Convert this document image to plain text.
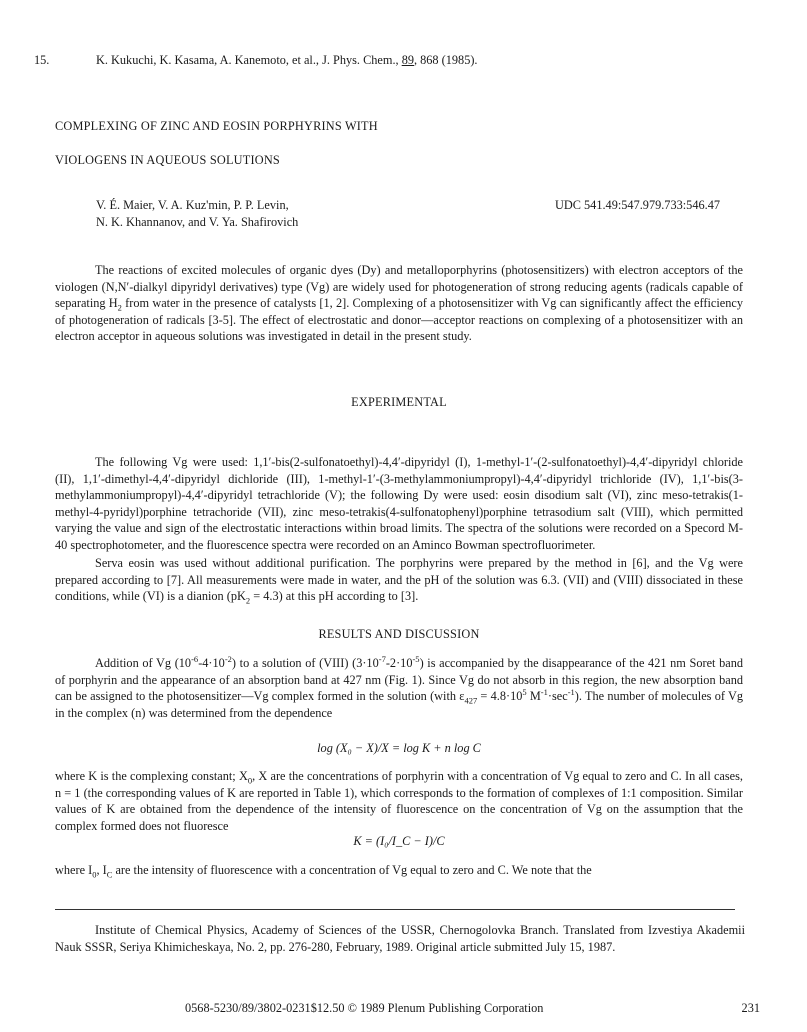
15.	K. Kukuchi, K. Kasama, A. Kanemoto, et al., J. Phys. Chem., 89, 868 (1985).
COMPLEXING OF ZINC AND EOSIN PORPHYRINS WITH
VIOLOGENS IN AQUEOUS SOLUTIONS
V. É. Maier, V. A. Kuz'min, P. P. Levin,
N. K. Khannanov, and V. Ya. Shafirovich
UDC 541.49:547.979.733:546.47
The reactions of excited molecules of organic dyes (Dy) and metalloporphyrins (photosensitizers) with electron acceptors of the viologen (N,N′-dialkyl dipyridyl derivatives) type (Vg) are widely used for photogeneration of strong reducing agents (radicals capable of separating $H_2$ from water in the presence of catalysts [1, 2]. Complexing of a photosensitizer with Vg can significantly affect the efficiency of photogeneration of radicals [3-5]. The effect of electrostatic and donor—acceptor reactions on complexing of a photosensitizer with an electron acceptor in aqueous solutions was investigated in detail in the present study.
EXPERIMENTAL
The following Vg were used: 1,1′-bis(2-sulfonatoethyl)-4,4′-dipyridyl (I), 1-methyl-1′-(2-sulfonatoethyl)-4,4′-dipyridyl chloride (II), 1,1′-dimethyl-4,4′-dipyridyl dichloride (III), 1-methyl-1′-(3-methylammoniumpropyl)-4,4′-dipyridyl trichloride (IV), 1,1′-bis(3-methylammoniumpropyl)-4,4′-dipyridyl tetrachloride (V); the following Dy were used: eosin disodium salt (VI), zinc meso-tetrakis(1-methyl-4-pyridyl)porphine tetrachoride (VII), zinc meso-tetrakis(4-sulfonatophenyl)porphine tetrasodium salt (VIII), which permitted varying the value and sign of the electrostatic interactions within broad limits. The spectra of the solutions were recorded on a Specord M-40 spectrophotometer, and the fluorescence spectra were recorded on an Aminco Bowman spectrofluorimeter.
Serva eosin was used without additional purification. The porphyrins were prepared by the method in [6], and the Vg were prepared according to [7]. All measurements were made in water, and the pH of the solution was 6.3. (VII) and (VIII) dissociated in these conditions, while (VI) is a dianion $(pK_2 = 4.3)$ at this pH according to [3].
RESULTS AND DISCUSSION
Addition of Vg $(10^{-6}-4\cdot 10^{-2})$ to a solution of (VIII) $(3\cdot 10^{-7}-2\cdot 10^{-5})$ is accompanied by the disappearance of the 421 nm Soret band of porphyrin and the appearance of an absorption band at 427 nm (Fig. 1). Since Vg do not absorb in this region, the new absorption band can be assigned to the photosensitizer—Vg complex formed in the solution (with $\varepsilon_{427} = 4.8\cdot 10^5$ $M^{-1}\cdot\sec^{-1}$). The number of molecules of Vg in the complex (n) was determined from the dependence
log (X₀ − X)/X = log K + n log C
where K is the complexing constant; $X_0$, X are the concentrations of porphyrin with a concentration of Vg equal to zero and C. In all cases, n = 1 (the corresponding values of K are reported in Table 1), which corresponds to the formation of complexes of 1:1 composition. Similar values of K are obtained from the dependence of the intensity of fluorescence on the concentration of Vg on the assumption that the complex formed does not fluoresce
K = (I₀/I_C − I)/C
where $I_0$, $I_C$ are the intensity of fluorescence with a concentration of Vg equal to zero and C. We note that the
Institute of Chemical Physics, Academy of Sciences of the USSR, Chernogolovka Branch. Translated from Izvestiya Akademii Nauk SSSR, Seriya Khimicheskaya, No. 2, pp. 276-280, February, 1989. Original article submitted July 15, 1987.
0568-5230/89/3802-0231$12.50 © 1989 Plenum Publishing Corporation	231
